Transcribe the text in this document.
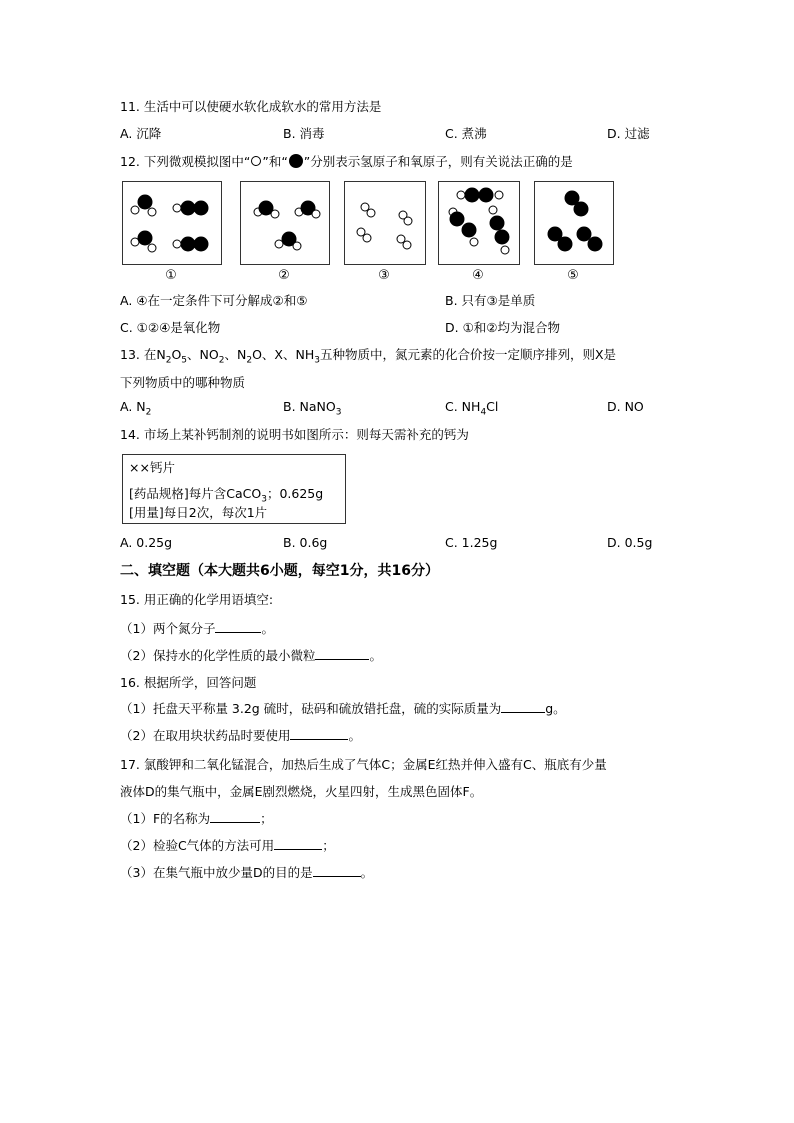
11. 生活中可以使硬水软化成软水的常用方法是
A. 沉降	B. 消毒	C. 煮沸	D. 过滤
12. 下列微观模拟图中“ ”和“ ”分别表示氢原子和氧原子，则有关说法正确的是
①	②	③	④	⑤
A. ④在一定条件下可分解成②和⑤	B. 只有③是单质
C. ①②④是氧化物	D. ①和②均为混合物
13. 在$N_2O_5$、$NO_2$、$N_2O$、X、$NH_3$五种物质中，氮元素的化合价按一定顺序排列，则X是
下列物质中的哪种物质
A. $N_2$	B. NaNO$_3$	C. $NH_4Cl$	D. NO
14. 市场上某补钙制剂的说明书如图所示：则每天需补充的钙为
××钙片
[药品规格]每片含CaCO$_3$；0.625g
[用量]每日2次，每次1片
A. 0.25g	B. 0.6g	C. 1.25g	D. 0.5g
二、填空题（本大题共6小题，每空1分，共16分）
15. 用正确的化学用语填空:
（1）两个氮分子	。
（2）保持水的化学性质的最小微粒	。
16. 根据所学，回答问题
（1）托盘天平称量 3.2g 硫时，砝码和硫放错托盘，硫的实际质量为	g。
（2）在取用块状药品时要使用	。
17. 氯酸钾和二氧化锰混合，加热后生成了气体C；金属E红热并伸入盛有C、瓶底有少量
液体D的集气瓶中，金属E剧烈燃烧，火星四射，生成黑色固体F。
（1）F的名称为	；
（2）检验C气体的方法可用	；
（3）在集气瓶中放少量D的目的是	。
